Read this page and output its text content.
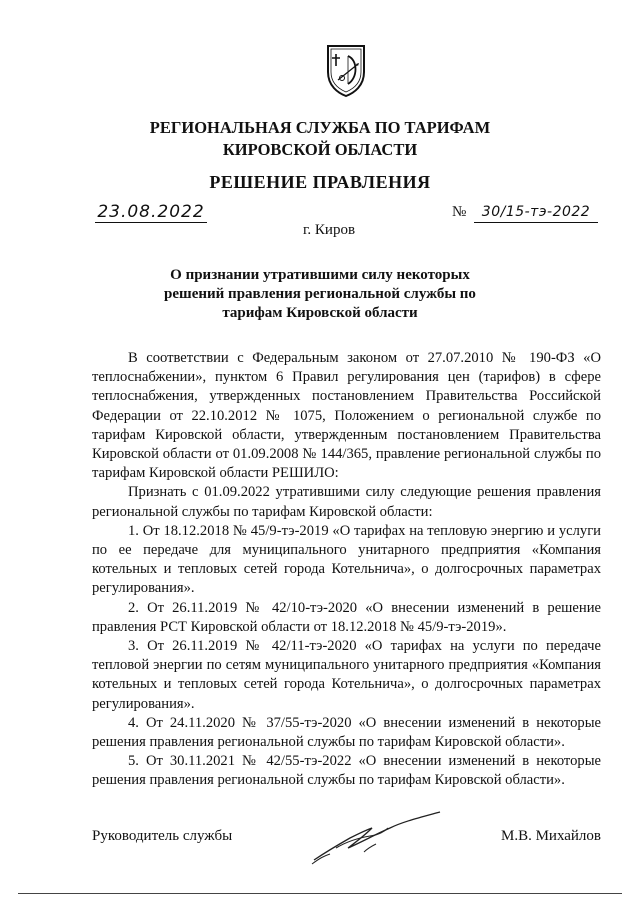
РЕГИОНАЛЬНАЯ СЛУЖБА ПО ТАРИФАМ
КИРОВСКОЙ ОБЛАСТИ
РЕШЕНИЕ ПРАВЛЕНИЯ
23.08.2022	№ 30/15-тэ-2022
г. Киров
О признании утратившими силу некоторых
решений правления региональной службы по
тарифам Кировской области

В соответствии с Федеральным законом от 27.07.2010 № 190-ФЗ «О теплоснабжении», пунктом 6 Правил регулирования цен (тарифов) в сфере теплоснабжения, утвержденных постановлением Правительства Российской Федерации от 22.10.2012 № 1075, Положением о региональной службе по тарифам Кировской области, утвержденным постановлением Правительства Кировской области от 01.09.2008 № 144/365, правление региональной службы по тарифам Кировской области РЕШИЛО:

Признать с 01.09.2022 утратившими силу следующие решения правления региональной службы по тарифам Кировской области:

1. От 18.12.2018 № 45/9-тэ-2019 «О тарифах на тепловую энергию и услуги по ее передаче для муниципального унитарного предприятия «Компания котельных и тепловых сетей города Котельнича», о долгосрочных параметрах регулирования».

2. От 26.11.2019 № 42/10-тэ-2020 «О внесении изменений в решение правления РСТ Кировской области от 18.12.2018 № 45/9-тэ-2019».

3. От 26.11.2019 № 42/11-тэ-2020 «О тарифах на услуги по передаче тепловой энергии по сетям муниципального унитарного предприятия «Компания котельных и тепловых сетей города Котельнича», о долгосрочных параметрах регулирования».

4. От 24.11.2020 № 37/55-тэ-2020 «О внесении изменений в некоторые решения правления региональной службы по тарифам Кировской области».

5. От 30.11.2021 № 42/55-тэ-2022 «О внесении изменений в некоторые решения правления региональной службы по тарифам Кировской области».

Руководитель службы	М.В. Михайлов
